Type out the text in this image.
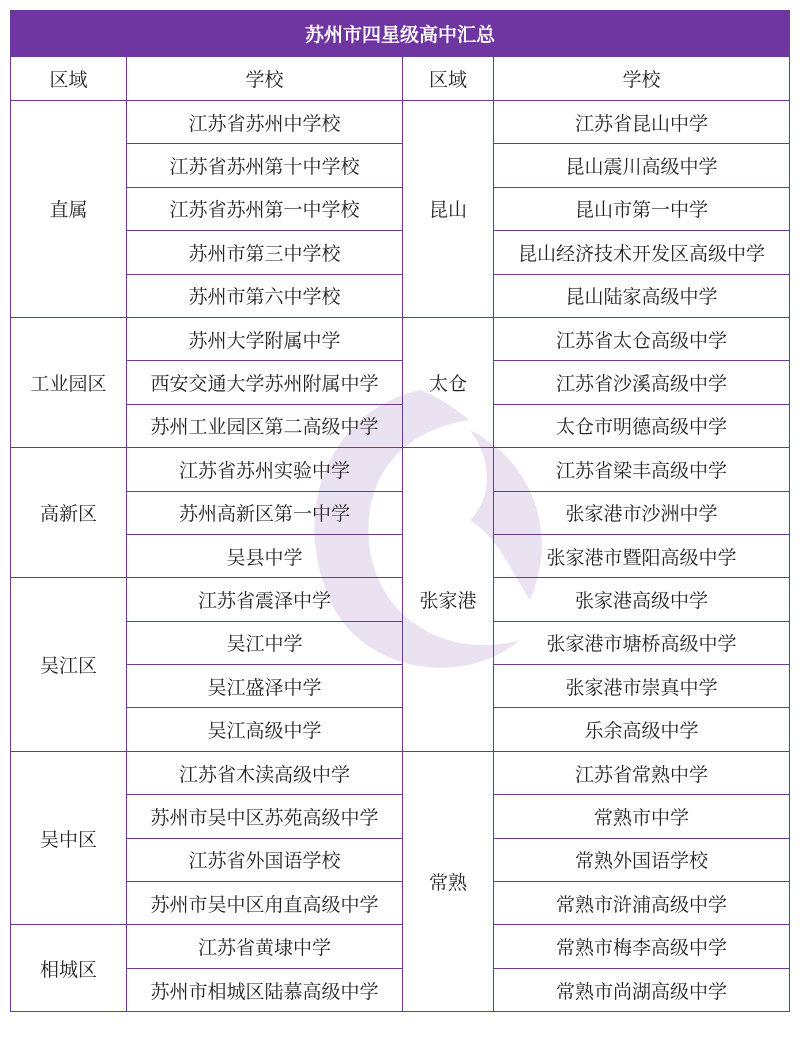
苏州市四星级高中汇总			
区域	学校	区域	学校
直属	江苏省苏州中学校	昆山	江苏省昆山中学
	江苏省苏州第十中学校		昆山震川高级中学
	江苏省苏州第一中学校		昆山市第一中学
	苏州市第三中学校		昆山经济技术开发区高级中学
	苏州市第六中学校		昆山陆家高级中学
工业园区	苏州大学附属中学	太仓	江苏省太仓高级中学
	西安交通大学苏州附属中学		江苏省沙溪高级中学
	苏州工业园区第二高级中学		太仓市明德高级中学
高新区	江苏省苏州实验中学	张家港	江苏省梁丰高级中学
	苏州高新区第一中学		张家港市沙洲中学
	吴县中学		张家港市暨阳高级中学
吴江区	江苏省震泽中学		张家港高级中学
	吴江中学		张家港市塘桥高级中学
	吴江盛泽中学		张家港市崇真中学
	吴江高级中学		乐余高级中学
吴中区	江苏省木渎高级中学	常熟	江苏省常熟中学
	苏州市吴中区苏苑高级中学		常熟市中学
	江苏省外国语学校		常熟外国语学校
	苏州市吴中区甪直高级中学		常熟市浒浦高级中学
相城区	江苏省黄埭中学		常熟市梅李高级中学
	苏州市相城区陆慕高级中学		常熟市尚湖高级中学
